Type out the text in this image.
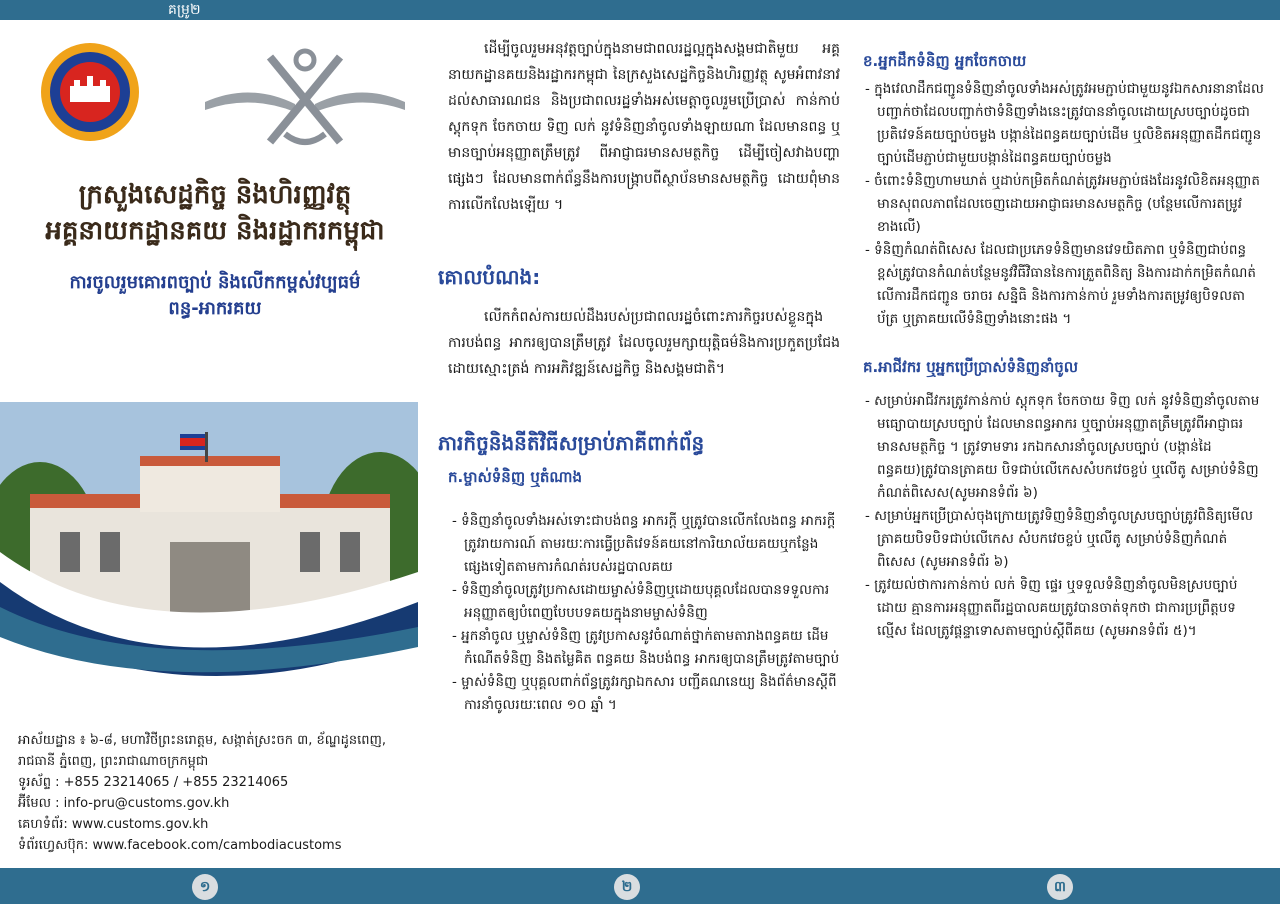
គម្រូ២
១	២	៣
ក្រសួងសេដ្ឋកិច្ច និងហិរញ្ញវត្ថុ
អគ្គនាយកដ្ឋានគយ និងរដ្ឋាករកម្ពុជា
ការចូលរួមគោរពច្បាប់ និងលើកកម្ពស់វប្បធម៌
ពន្ធ-អាករគយ
អាស័យដ្ឋាន ៖ ៦-៨, មហាវិថីព្រះនរោត្តម, សង្កាត់ស្រះចក ៣, ខ័ណ្ឌដូនពេញ,
រាជធានី ភ្នំពេញ, ព្រះរាជាណាចក្រកម្ពុជា
ទូរស័ព្ទ : +855 23214065 / +855 23214065
អ៊ីមែល : info-pru@customs.gov.kh
គេហទំព័រ: www.customs.gov.kh
ទំព័រហ្វេសប៊ុក: www.facebook.com/cambodiacustoms
ដើម្បីចូលរួមអនុវត្តច្បាប់ក្នុងនាមជាពលរដ្ឋល្អក្នុងសង្គមជាតិមួយ អគ្គនាយកដ្ឋានគយនិងរដ្ឋាករកម្ពុជា នៃក្រសួងសេដ្ឋកិច្ចនិងហិរញ្ញវត្ថុ សូមអំពាវនាវដល់សាធារណជន និងប្រជាពលរដ្ឋទាំងអស់មេត្តាចូលរួមប្រើប្រាស់ កាន់កាប់ ស្តុកទុក ចែកចាយ ទិញ លក់ នូវទំនិញនាំចូលទាំងឡាយណា ដែលមានពន្ធ ឬមានច្បាប់អនុញ្ញាតត្រឹមត្រូវ ពីអាជ្ញាធរមានសមត្ថកិច្ច ដើម្បីចៀសវាងបញ្ហាផ្សេងៗ ដែលមានពាក់ព័ន្ធនឹងការបង្ក្រាបពីស្ថាប័នមានសមត្ថកិច្ច ដោយពុំមានការលើកលែងឡើយ ។
គោលបំណង:
លើកកំពស់ការយល់ដឹងរបស់ប្រជាពលរដ្ឋចំពោះភារកិច្ចរបស់ខ្លួនក្នុងការបង់ពន្ធ អាករឲ្យបានត្រឹមត្រូវ ដែលចូលរួមក្សាយុត្តិធម៌និងការប្រកួតប្រជែងដោយស្មោះត្រង់ ការអភិវឌ្ឍន៍សេដ្ឋកិច្ច និងសង្គមជាតិ។
ភារកិច្ចនិងនីតិវិធីសម្រាប់ភាគីពាក់ព័ន្ធ
ក.ម្ចាស់ទំនិញ ឬតំណាង
- ទំនិញនាំចូលទាំងអស់ទោះជាបង់ពន្ធ អាករក្តី ឬត្រូវបានលើកលែងពន្ធ អាករក្តី ត្រូវរាយការណ៍ តាមរយៈការធ្វើប្រតិវេទន៍គយនៅការិយាល័យគយឬកន្លែងផ្សេងទៀតតាមការកំណត់របស់រដ្ឋបាលគយ
- ទំនិញនាំចូលត្រូវប្រកាសដោយម្ចាស់ទំនិញឬដោយបុគ្គលដែលបានទទួលការអនុញ្ញាតឲ្យបំពេញបែបបទគយក្នុងនាមម្ចាស់ទំនិញ
- អ្នកនាំចូល ឬម្ចាស់ទំនិញ ត្រូវប្រកាសនូវចំណាត់ថ្នាក់តាមតារាងពន្ធគយ ដើមកំណើតទំនិញ និងតម្លៃគិត ពន្ធគយ និងបង់ពន្ធ អាករឲ្យបានត្រឹមត្រូវតាមច្បាប់
- ម្ចាស់ទំនិញ ឬបុគ្គលពាក់ព័ន្ធត្រូវរក្សាឯកសារ បញ្ជីគណនេយ្យ និងព័ត៌មានស្តីពីការនាំចូលរយៈពេល ១០ ឆ្នាំ ។
ខ.អ្នកដឹកទំនិញ អ្នកចែកចាយ
- ក្នុងវេលាដឹកជញ្ជូនទំនិញនាំចូលទាំងអស់ត្រូវអមភ្ជាប់ជាមួយនូវឯកសារនានាដែលបញ្ជាក់ថាដែលបញ្ជាក់ថាទំនិញទាំងនេះត្រូវបាននាំចូលដោយស្របច្បាប់ដូចជា ប្រតិវេទន៍គយច្បាប់ចម្លង បង្កាន់ដៃពន្ធគយច្បាប់ដើម ឬលិខិតអនុញ្ញាតដឹកជញ្ជូនច្បាប់ដើមភ្ជាប់ជាមួយបង្កាន់ដៃពន្ធគយច្បាប់ចម្លង
- ចំពោះទំនិញហាមឃាត់ ឬដាប់កម្រិតកំណត់ត្រូវអមភ្ជាប់ផងដែរនូវលិខិតអនុញ្ញាតមានសុពលភាពដែលចេញដោយអាជ្ញាធរមានសមត្ថកិច្ច (បន្ថែមលើការតម្រូវខាងលើ)
- ទំនិញកំណត់ពិសេស ដែលជាប្រភេទទំនិញមានវេទយិតភាព ឬទំនិញជាប់ពន្ធខ្ពស់ត្រូវបានកំណត់បន្ថែមនូវវិធីវិធាននៃការត្រួតពិនិត្យ និងការដាក់កម្រិតកំណត់លើការដឹកជញ្ជូន ចរាចរ សន្និធិ និងការកាន់កាប់ រួមទាំងការតម្រូវឲ្យបិទលតាប័ត្រ ឬត្រាគយលើទំនិញទាំងនោះផង ។
គ.អាជីវករ ឬអ្នកប្រើប្រាស់ទំនិញនាំចូល
- សម្រាប់អាជីវករត្រូវកាន់កាប់ ស្តុកទុក ចែកចាយ ទិញ លក់ នូវទំនិញនាំចូលតាមមធ្យោបាយស្របច្បាប់ ដែលមានពន្ធអាករ ឬច្បាប់អនុញ្ញាតត្រឹមត្រូវពីអាជ្ញាធរ មានសមត្ថកិច្ច ។ ត្រូវទាមទារ រកឯកសារនាំចូលស្របច្បាប់ (បង្កាន់ដៃពន្ធគយ)ត្រូវបានត្រាគយ បិទជាប់លើកេសសំបកវេចខ្ចប់ ឬលើតូ សម្រាប់ទំនិញកំណត់ពិសេស(សូមអានទំព័រ ៦)
- សម្រាប់អ្នកប្រើប្រាស់ចុងក្រោយត្រូវទិញទំនិញនាំចូលស្របច្បាប់ត្រូវពិនិត្យមើលត្រាគយបិទបិទជាប់លើកេស សំបកវេចខ្ចប់ ឬលើតូ សម្រាប់ទំនិញកំណត់ពិសេស (សូមអានទំព័រ ៦)
- ត្រូវយល់ថាការកាន់កាប់ លក់ ទិញ ផ្ទេរ ឬទទួលទំនិញនាំចូលមិនស្របច្បាប់ដោយ គ្មានការអនុញ្ញាតពីរដ្ឋបាលគយត្រូវបានចាត់ទុកថា ជាការប្រព្រឹត្តបទ ល្មើស ដែលត្រូវផ្តន្ទាទោសតាមច្បាប់ស្តីពីគយ (សូមអានទំព័រ ៥)។
